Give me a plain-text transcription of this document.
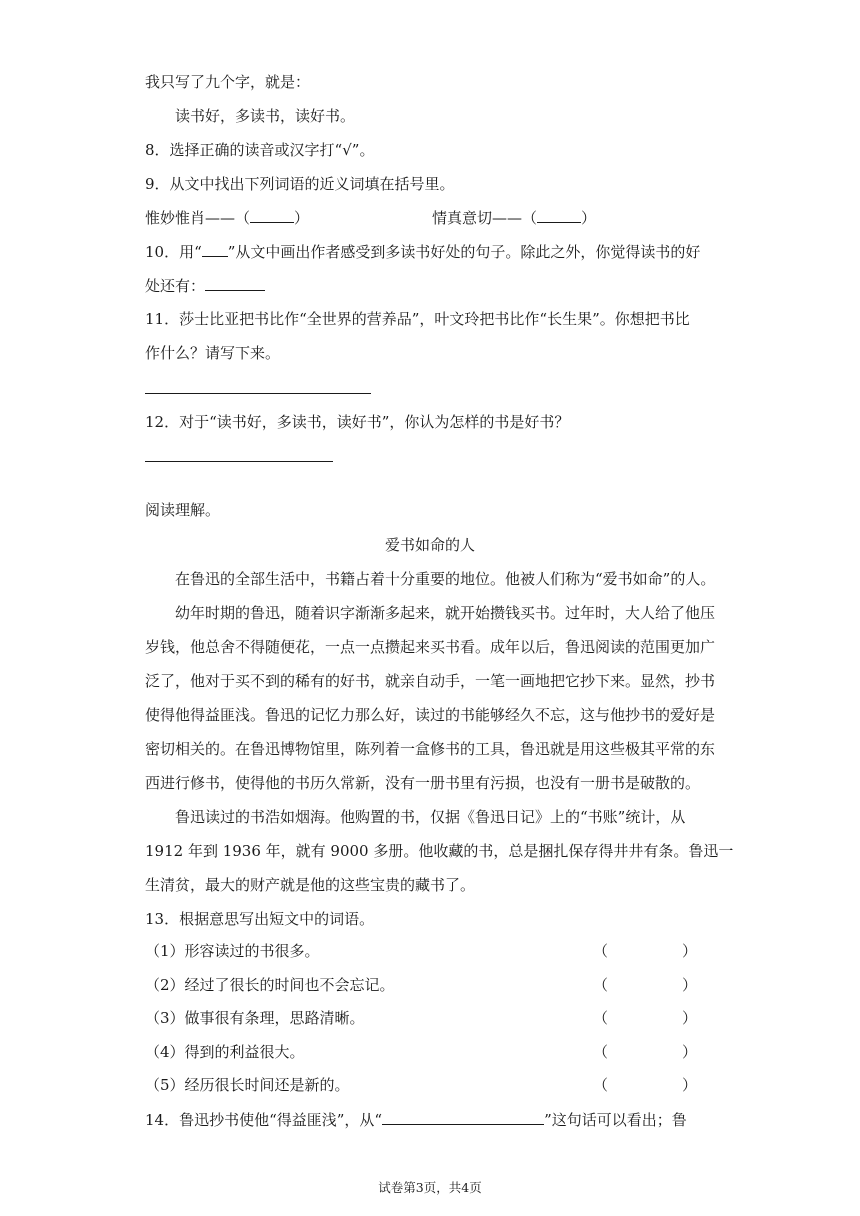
我只写了九个字，就是：
读书好，多读书，读好书。
8．选择正确的读音或汉字打“√”。
9．从文中找出下列词语的近义词填在括号里。
惟妙惟肖——（	）	情真意切——（	）
10．用“ ”从文中画出作者感受到多读书好处的句子。除此之外，你觉得读书的好
处还有：
11．莎士比亚把书比作“全世界的营养品”，叶文玲把书比作“长生果”。你想把书比
作什么？请写下来。
12．对于“读书好，多读书，读好书”，你认为怎样的书是好书？
阅读理解。
爱书如命的人
在鲁迅的全部生活中，书籍占着十分重要的地位。他被人们称为“爱书如命”的人。
幼年时期的鲁迅，随着识字渐渐多起来，就开始攒钱买书。过年时，大人给了他压
岁钱，他总舍不得随便花，一点一点攒起来买书看。成年以后，鲁迅阅读的范围更加广
泛了，他对于买不到的稀有的好书，就亲自动手，一笔一画地把它抄下来。显然，抄书
使得他得益匪浅。鲁迅的记忆力那么好，读过的书能够经久不忘，这与他抄书的爱好是
密切相关的。在鲁迅博物馆里，陈列着一盒修书的工具，鲁迅就是用这些极其平常的东
西进行修书，使得他的书历久常新，没有一册书里有污损，也没有一册书是破散的。
鲁迅读过的书浩如烟海。他购置的书，仅据《鲁迅日记》上的“书账”统计，从
1912 年到 1936 年，就有 9000 多册。他收藏的书，总是捆扎保存得井井有条。鲁迅一
生清贫，最大的财产就是他的这些宝贵的藏书了。
13．根据意思写出短文中的词语。
（1）形容读过的书很多。	（	）
（2）经过了很长的时间也不会忘记。	（	）
（3）做事很有条理，思路清晰。	（	）
（4）得到的利益很大。	（	）
（5）经历很长时间还是新的。	（	）
14．鲁迅抄书使他“得益匪浅”，从“	”这句话可以看出；鲁
试卷第3页，共4页
